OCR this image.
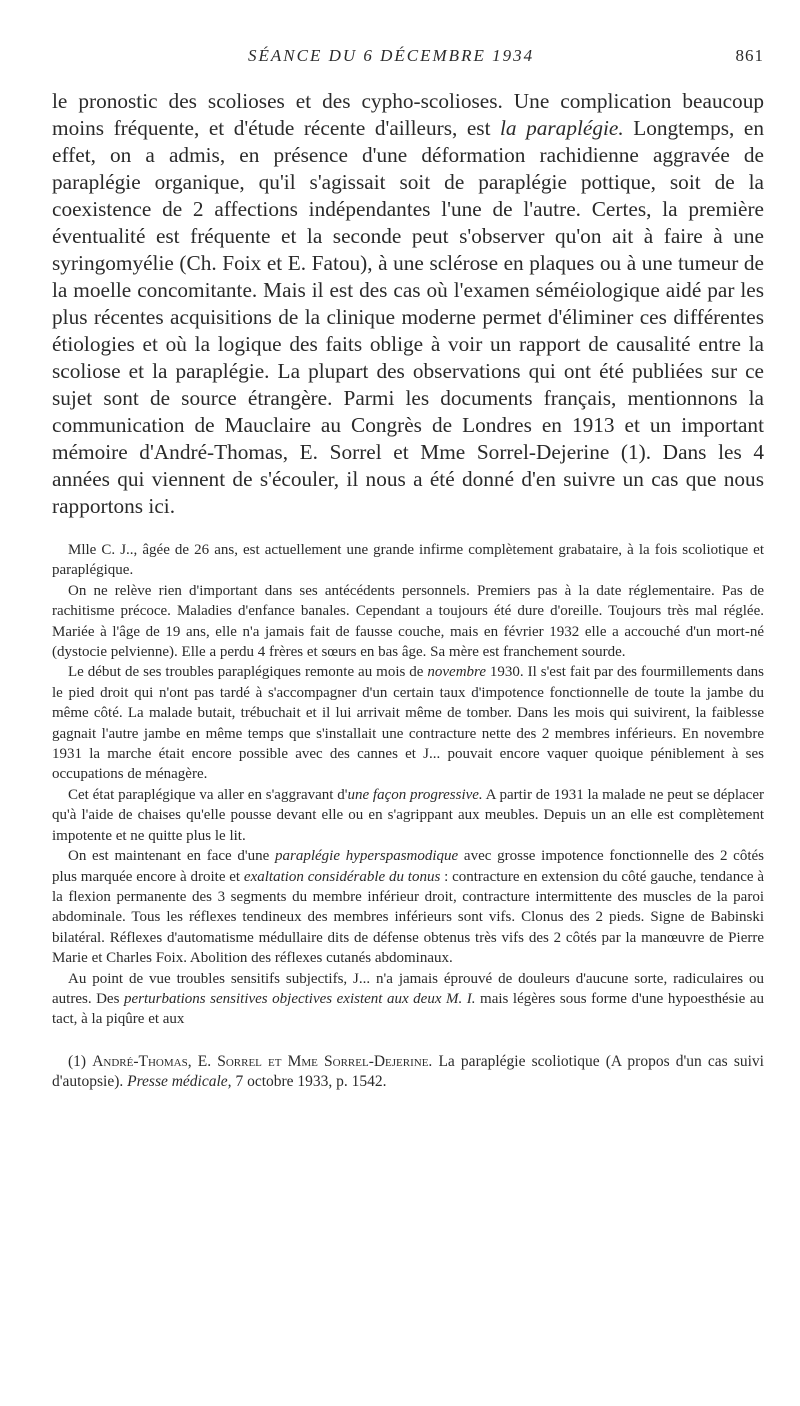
SÉANCE DU 6 DÉCEMBRE 1934	861

le pronostic des scolioses et des cypho-scolioses. Une complication beaucoup moins fréquente, et d'étude récente d'ailleurs, est la paraplégie. Longtemps, en effet, on a admis, en présence d'une déformation rachidienne aggravée de paraplégie organique, qu'il s'agissait soit de paraplégie pottique, soit de la coexistence de 2 affections indépendantes l'une de l'autre. Certes, la première éventualité est fréquente et la seconde peut s'observer qu'on ait à faire à une syringomyélie (Ch. Foix et E. Fatou), à une sclérose en plaques ou à une tumeur de la moelle concomitante. Mais il est des cas où l'examen séméiologique aidé par les plus récentes acquisitions de la clinique moderne permet d'éliminer ces différentes étiologies et où la logique des faits oblige à voir un rapport de causalité entre la scoliose et la paraplégie. La plupart des observations qui ont été publiées sur ce sujet sont de source étrangère. Parmi les documents français, mentionnons la communication de Mauclaire au Congrès de Londres en 1913 et un important mémoire d'André-Thomas, E. Sorrel et Mme Sorrel-Dejerine (1). Dans les 4 années qui viennent de s'écouler, il nous a été donné d'en suivre un cas que nous rapportons ici.

Mlle C. J.., âgée de 26 ans, est actuellement une grande infirme complètement grabataire, à la fois scoliotique et paraplégique.

On ne relève rien d'important dans ses antécédents personnels. Premiers pas à la date réglementaire. Pas de rachitisme précoce. Maladies d'enfance banales. Cependant a toujours été dure d'oreille. Toujours très mal réglée. Mariée à l'âge de 19 ans, elle n'a jamais fait de fausse couche, mais en février 1932 elle a accouché d'un mort-né (dystocie pelvienne). Elle a perdu 4 frères et sœurs en bas âge. Sa mère est franchement sourde.

Le début de ses troubles paraplégiques remonte au mois de novembre 1930. Il s'est fait par des fourmillements dans le pied droit qui n'ont pas tardé à s'accompagner d'un certain taux d'impotence fonctionnelle de toute la jambe du même côté. La malade butait, trébuchait et il lui arrivait même de tomber. Dans les mois qui suivirent, la faiblesse gagnait l'autre jambe en même temps que s'installait une contracture nette des 2 membres inférieurs. En novembre 1931 la marche était encore possible avec des cannes et J... pouvait encore vaquer quoique péniblement à ses occupations de ménagère.

Cet état paraplégique va aller en s'aggravant d'une façon progressive. A partir de 1931 la malade ne peut se déplacer qu'à l'aide de chaises qu'elle pousse devant elle ou en s'agrippant aux meubles. Depuis un an elle est complètement impotente et ne quitte plus le lit.

On est maintenant en face d'une paraplégie hyperspasmodique avec grosse impotence fonctionnelle des 2 côtés plus marquée encore à droite et exaltation considérable du tonus : contracture en extension du côté gauche, tendance à la flexion permanente des 3 segments du membre inférieur droit, contracture intermittente des muscles de la paroi abdominale. Tous les réflexes tendineux des membres inférieurs sont vifs. Clonus des 2 pieds. Signe de Babinski bilatéral. Réflexes d'automatisme médullaire dits de défense obtenus très vifs des 2 côtés par la manœuvre de Pierre Marie et Charles Foix. Abolition des réflexes cutanés abdominaux.

Au point de vue troubles sensitifs subjectifs, J... n'a jamais éprouvé de douleurs d'aucune sorte, radiculaires ou autres. Des perturbations sensitives objectives existent aux deux M. I. mais légères sous forme d'une hypoesthésie au tact, à la piqûre et aux

(1) André-Thomas, E. Sorrel et Mme Sorrel-Dejerine. La paraplégie scoliotique (A propos d'un cas suivi d'autopsie). Presse médicale, 7 octobre 1933, p. 1542.
